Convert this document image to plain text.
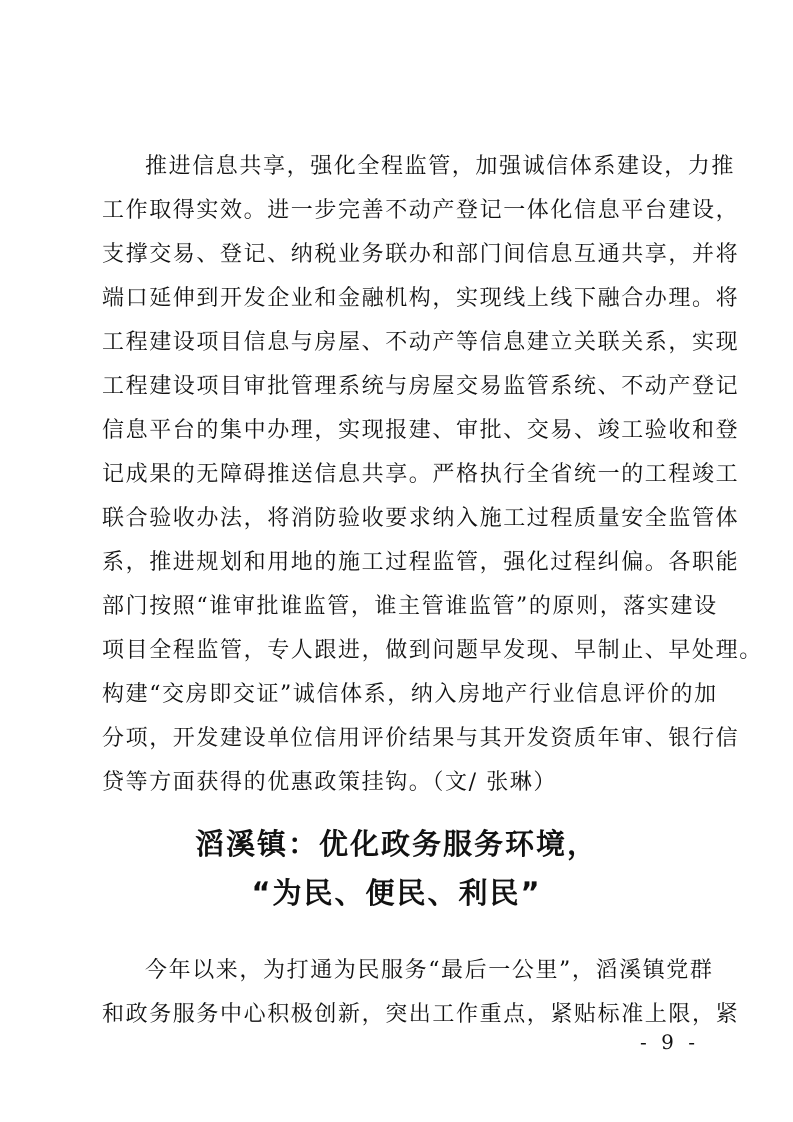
推进信息共享，强化全程监管，加强诚信体系建设，力推
工作取得实效。进一步完善不动产登记一体化信息平台建设，
支撑交易、登记、纳税业务联办和部门间信息互通共享，并将
端口延伸到开发企业和金融机构，实现线上线下融合办理。将
工程建设项目信息与房屋、不动产等信息建立关联关系，实现
工程建设项目审批管理系统与房屋交易监管系统、不动产登记
信息平台的集中办理，实现报建、审批、交易、竣工验收和登
记成果的无障碍推送信息共享。严格执行全省统一的工程竣工
联合验收办法，将消防验收要求纳入施工过程质量安全监管体
系，推进规划和用地的施工过程监管，强化过程纠偏。各职能
部门按照“谁审批谁监管，谁主管谁监管”的原则，落实建设
项目全程监管，专人跟进，做到问题早发现、早制止、早处理。
构建“交房即交证”诚信体系，纳入房地产行业信息评价的加
分项，开发建设单位信用评价结果与其开发资质年审、银行信
贷等方面获得的优惠政策挂钩。（文/ 张琳）
滔溪镇：优化政务服务环境，
“为民、便民、利民”
今年以来，为打通为民服务“最后一公里”，滔溪镇党群
和政务服务中心积极创新，突出工作重点，紧贴标准上限，紧
- 9 -
